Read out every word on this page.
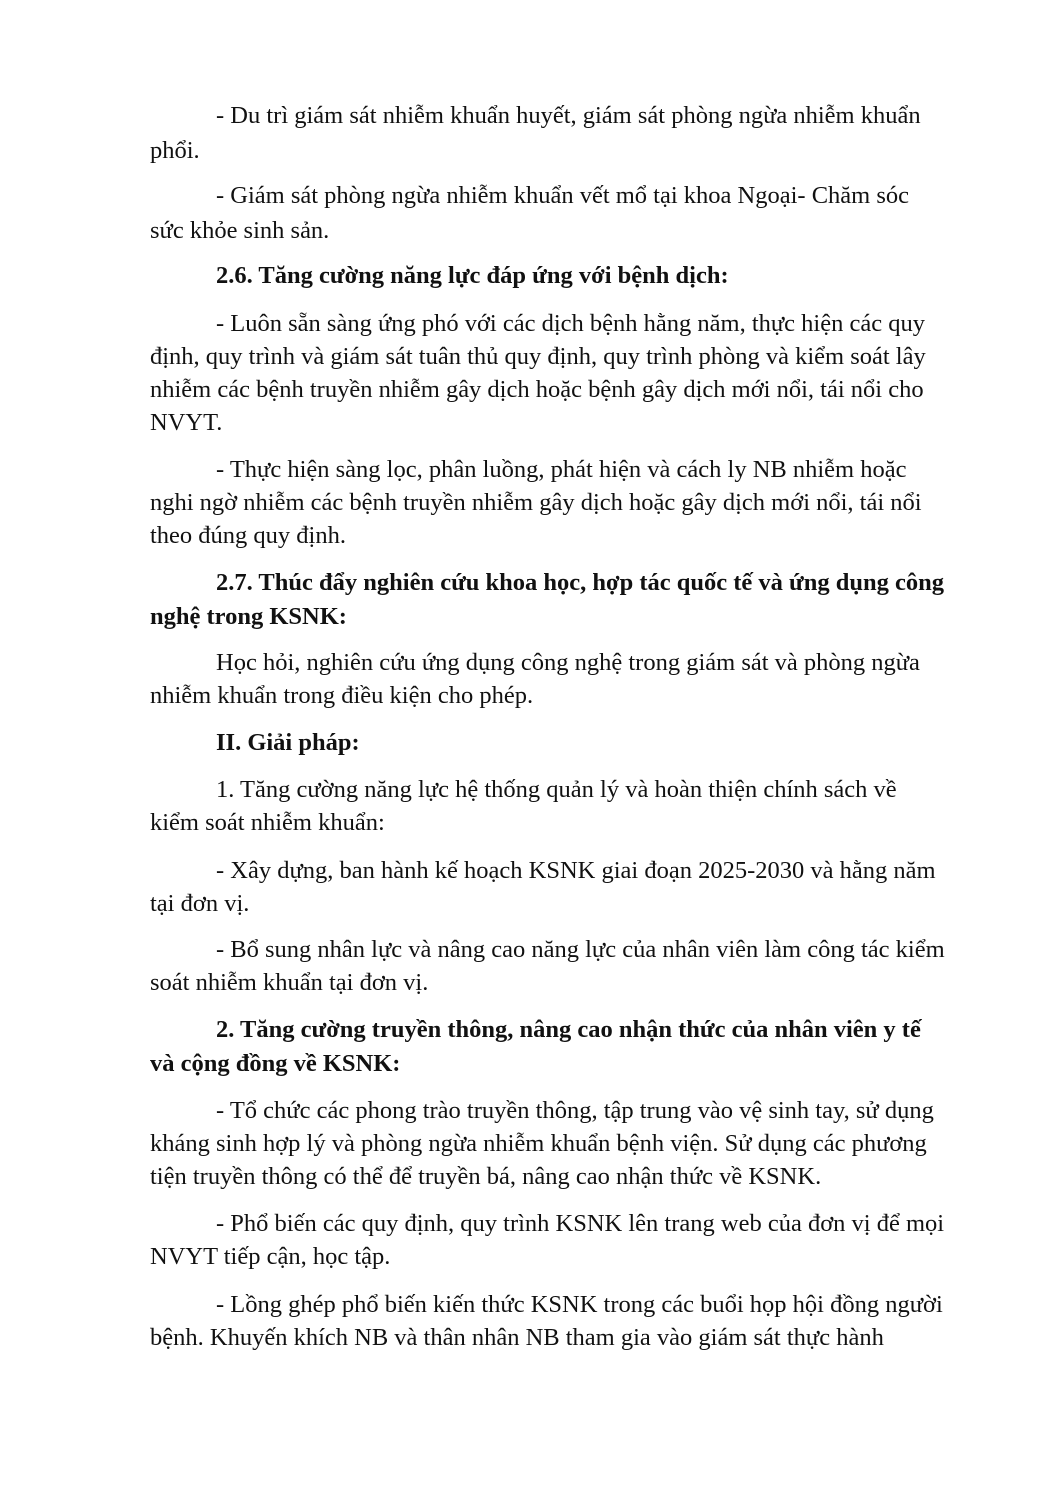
- Du trì giám sát nhiễm khuẩn huyết, giám sát phòng ngừa nhiễm khuẩn

phổi.

- Giám sát phòng ngừa nhiễm khuẩn vết mổ tại khoa Ngoại- Chăm sóc

sức khỏe sinh sản.

2.6. Tăng cường năng lực đáp ứng với bệnh dịch:

- Luôn sẵn sàng ứng phó với các dịch bệnh hằng năm, thực hiện các quy

định, quy trình và giám sát tuân thủ quy định, quy trình phòng và kiểm soát lây

nhiễm các bệnh truyền nhiễm gây dịch hoặc bệnh gây dịch mới nổi, tái nổi cho

NVYT.

- Thực hiện sàng lọc, phân luồng, phát hiện và cách ly NB nhiễm hoặc

nghi ngờ nhiễm các bệnh truyền nhiễm gây dịch hoặc gây dịch mới nổi, tái nổi

theo đúng quy định.

2.7. Thúc đẩy nghiên cứu khoa học, hợp tác quốc tế và ứng dụng công

nghệ trong KSNK:

Học hỏi, nghiên cứu ứng dụng công nghệ trong giám sát và phòng ngừa

nhiễm khuẩn trong điều kiện cho phép.

II. Giải pháp:

1. Tăng cường năng lực hệ thống quản lý và hoàn thiện chính sách về

kiểm soát nhiễm khuẩn:

- Xây dựng, ban hành kế hoạch KSNK giai đoạn 2025-2030 và hằng năm

tại đơn vị.

- Bổ sung nhân lực và nâng cao năng lực của nhân viên làm công tác kiểm

soát nhiễm khuẩn tại đơn vị.

2. Tăng cường truyền thông, nâng cao nhận thức của nhân viên y tế

và cộng đồng về KSNK:

- Tổ chức các phong trào truyền thông, tập trung vào vệ sinh tay, sử dụng

kháng sinh hợp lý và phòng ngừa nhiễm khuẩn bệnh viện. Sử dụng các phương

tiện truyền thông có thể để truyền bá, nâng cao nhận thức về KSNK.

- Phổ biến các quy định, quy trình KSNK lên trang web của đơn vị để mọi

NVYT tiếp cận, học tập.

- Lồng ghép phổ biến kiến thức KSNK trong các buổi họp hội đồng người

bệnh. Khuyến khích NB và thân nhân NB tham gia vào giám sát thực hành
